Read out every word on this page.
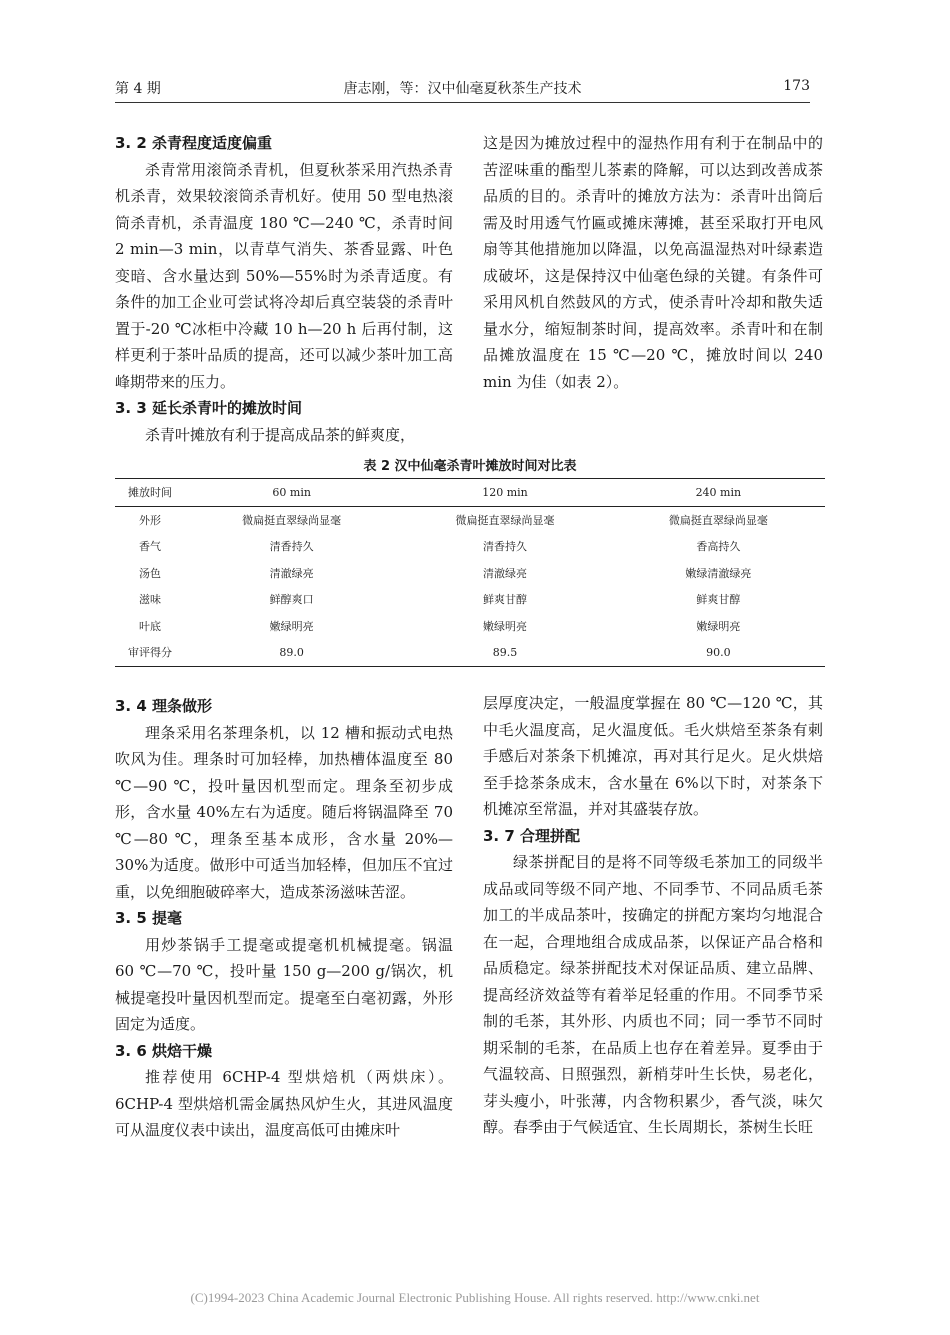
第 4 期	唐志刚，等：汉中仙毫夏秋茶生产技术	173
3. 2 杀青程度适度偏重

杀青常用滚筒杀青机，但夏秋茶采用汽热杀青机杀青，效果较滚筒杀青机好。使用 50 型电热滚筒杀青机，杀青温度 180 ℃—240 ℃，杀青时间 2 min—3 min，以青草气消失、茶香显露、叶色变暗、含水量达到 50%—55%时为杀青适度。有条件的加工企业可尝试将冷却后真空装袋的杀青叶置于-20 ℃冰柜中冷藏 10 h—20 h 后再付制，这样更利于茶叶品质的提高，还可以减少茶叶加工高峰期带来的压力。

3. 3 延长杀青叶的摊放时间

杀青叶摊放有利于提高成品茶的鲜爽度，

这是因为摊放过程中的湿热作用有利于在制品中的苦涩味重的酯型儿茶素的降解，可以达到改善成茶品质的目的。杀青叶的摊放方法为：杀青叶出筒后需及时用透气竹匾或摊床薄摊，甚至采取打开电风扇等其他措施加以降温，以免高温湿热对叶绿素造成破坏，这是保持汉中仙毫色绿的关键。有条件可采用风机自然鼓风的方式，使杀青叶冷却和散失适量水分，缩短制茶时间，提高效率。杀青叶和在制品摊放温度在 15 ℃—20 ℃，摊放时间以 240 min 为佳（如表 2）。

表 2 汉中仙毫杀青叶摊放时间对比表
摊放时间	60 min	120 min	240 min
外形	微扁挺直翠绿尚显毫	微扁挺直翠绿尚显毫	微扁挺直翠绿尚显毫
香气	清香持久	清香持久	香高持久
汤色	清澈绿亮	清澈绿亮	嫩绿清澈绿亮
滋味	鲜醇爽口	鲜爽甘醇	鲜爽甘醇
叶底	嫩绿明亮	嫩绿明亮	嫩绿明亮
审评得分	89.0	89.5	90.0
3. 4 理条做形

理条采用名茶理条机，以 12 槽和振动式电热吹风为佳。理条时可加轻棒，加热槽体温度至 80 ℃—90 ℃，投叶量因机型而定。理条至初步成形，含水量 40%左右为适度。随后将锅温降至 70 ℃—80 ℃，理条至基本成形，含水量 20%—30%为适度。做形中可适当加轻棒，但加压不宜过重，以免细胞破碎率大，造成茶汤滋味苦涩。

3. 5 提毫

用炒茶锅手工提毫或提毫机机械提毫。锅温 60 ℃—70 ℃，投叶量 150 g—200 g/锅次，机械提毫投叶量因机型而定。提毫至白毫初露，外形固定为适度。

3. 6 烘焙干燥

推荐使用 6CHP-4 型烘焙机（两烘床）。6CHP-4 型烘焙机需金属热风炉生火，其进风温度可从温度仪表中读出，温度高低可由摊床叶

层厚度决定，一般温度掌握在 80 ℃—120 ℃，其中毛火温度高，足火温度低。毛火烘焙至茶条有刺手感后对茶条下机摊凉，再对其行足火。足火烘焙至手捻茶条成末，含水量在 6%以下时，对茶条下机摊凉至常温，并对其盛装存放。

3. 7 合理拼配

绿茶拼配目的是将不同等级毛茶加工的同级半成品或同等级不同产地、不同季节、不同品质毛茶加工的半成品茶叶，按确定的拼配方案均匀地混合在一起，合理地组合成成品茶，以保证产品合格和品质稳定。绿茶拼配技术对保证品质、建立品牌、提高经济效益等有着举足轻重的作用。不同季节采制的毛茶，其外形、内质也不同；同一季节不同时期采制的毛茶，在品质上也存在着差异。夏季由于气温较高、日照强烈，新梢芽叶生长快，易老化，芽头瘦小，叶张薄，内含物积累少，香气淡，味欠醇。春季由于气候适宜、生长周期长，茶树生长旺

(C)1994-2023 China Academic Journal Electronic Publishing House. All rights reserved. http://www.cnki.net
